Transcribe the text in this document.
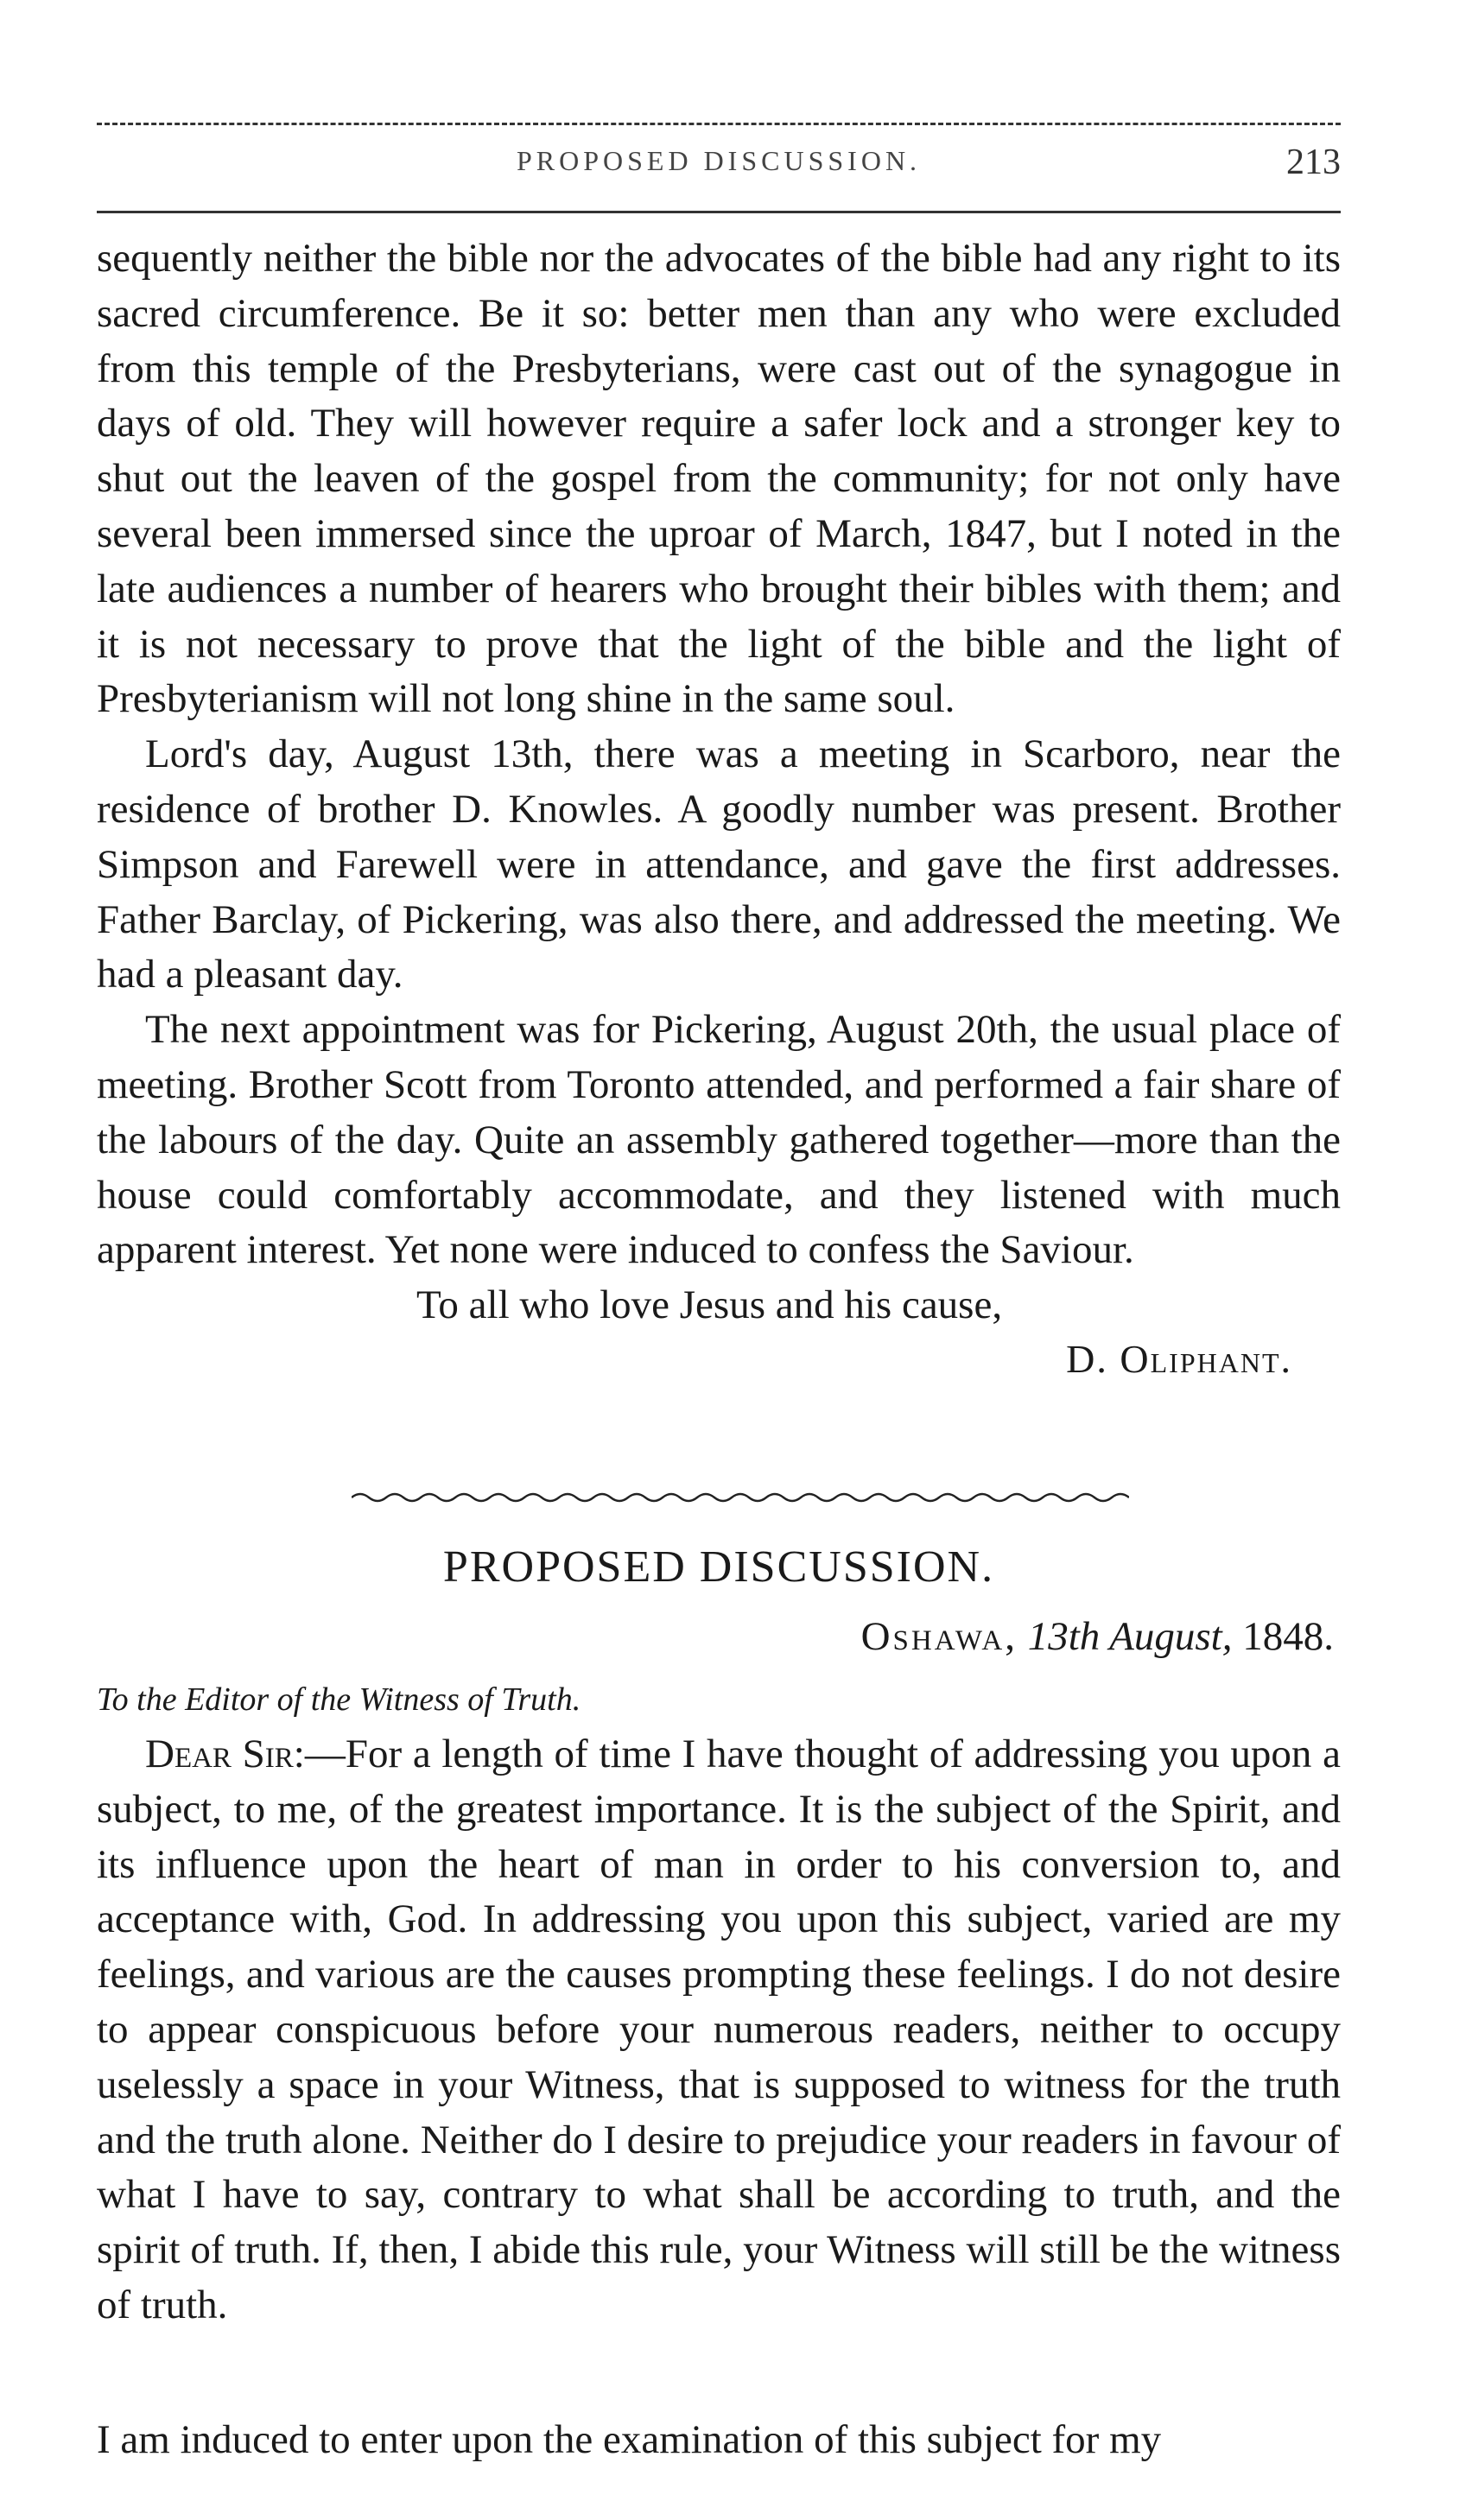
PROPOSED DISCUSSION.	213

sequently neither the bible nor the advocates of the bible had any right to its sacred circumference. Be it so: better men than any who were excluded from this temple of the Presbyterians, were cast out of the synagogue in days of old. They will however require a safer lock and a stronger key to shut out the leaven of the gospel from the community; for not only have several been immersed since the uproar of March, 1847, but I noted in the late audiences a number of hearers who brought their bibles with them; and it is not necessary to prove that the light of the bible and the light of Presbyterianism will not long shine in the same soul.

Lord's day, August 13th, there was a meeting in Scarboro, near the residence of brother D. Knowles. A goodly number was present. Brother Simpson and Farewell were in attendance, and gave the first addresses. Father Barclay, of Pickering, was also there, and addressed the meeting. We had a pleasant day.

The next appointment was for Pickering, August 20th, the usual place of meeting. Brother Scott from Toronto attended, and performed a fair share of the labours of the day. Quite an assembly gathered together—more than the house could comfortably accommodate, and they listened with much apparent interest. Yet none were induced to confess the Saviour.

To all who love Jesus and his cause,

D. Oliphant.

PROPOSED DISCUSSION.
Oshawa, 13th August, 1848.
To the Editor of the Witness of Truth.

Dear Sir:—For a length of time I have thought of addressing you upon a subject, to me, of the greatest importance. It is the subject of the Spirit, and its influence upon the heart of man in order to his conversion to, and acceptance with, God. In addressing you upon this subject, varied are my feelings, and various are the causes prompting these feelings. I do not desire to appear conspicuous before your numerous readers, neither to occupy uselessly a space in your Witness, that is supposed to witness for the truth and the truth alone. Neither do I desire to prejudice your readers in favour of what I have to say, contrary to what shall be according to truth, and the spirit of truth. If, then, I abide this rule, your Witness will still be the witness of truth.

I am induced to enter upon the examination of this subject for my
